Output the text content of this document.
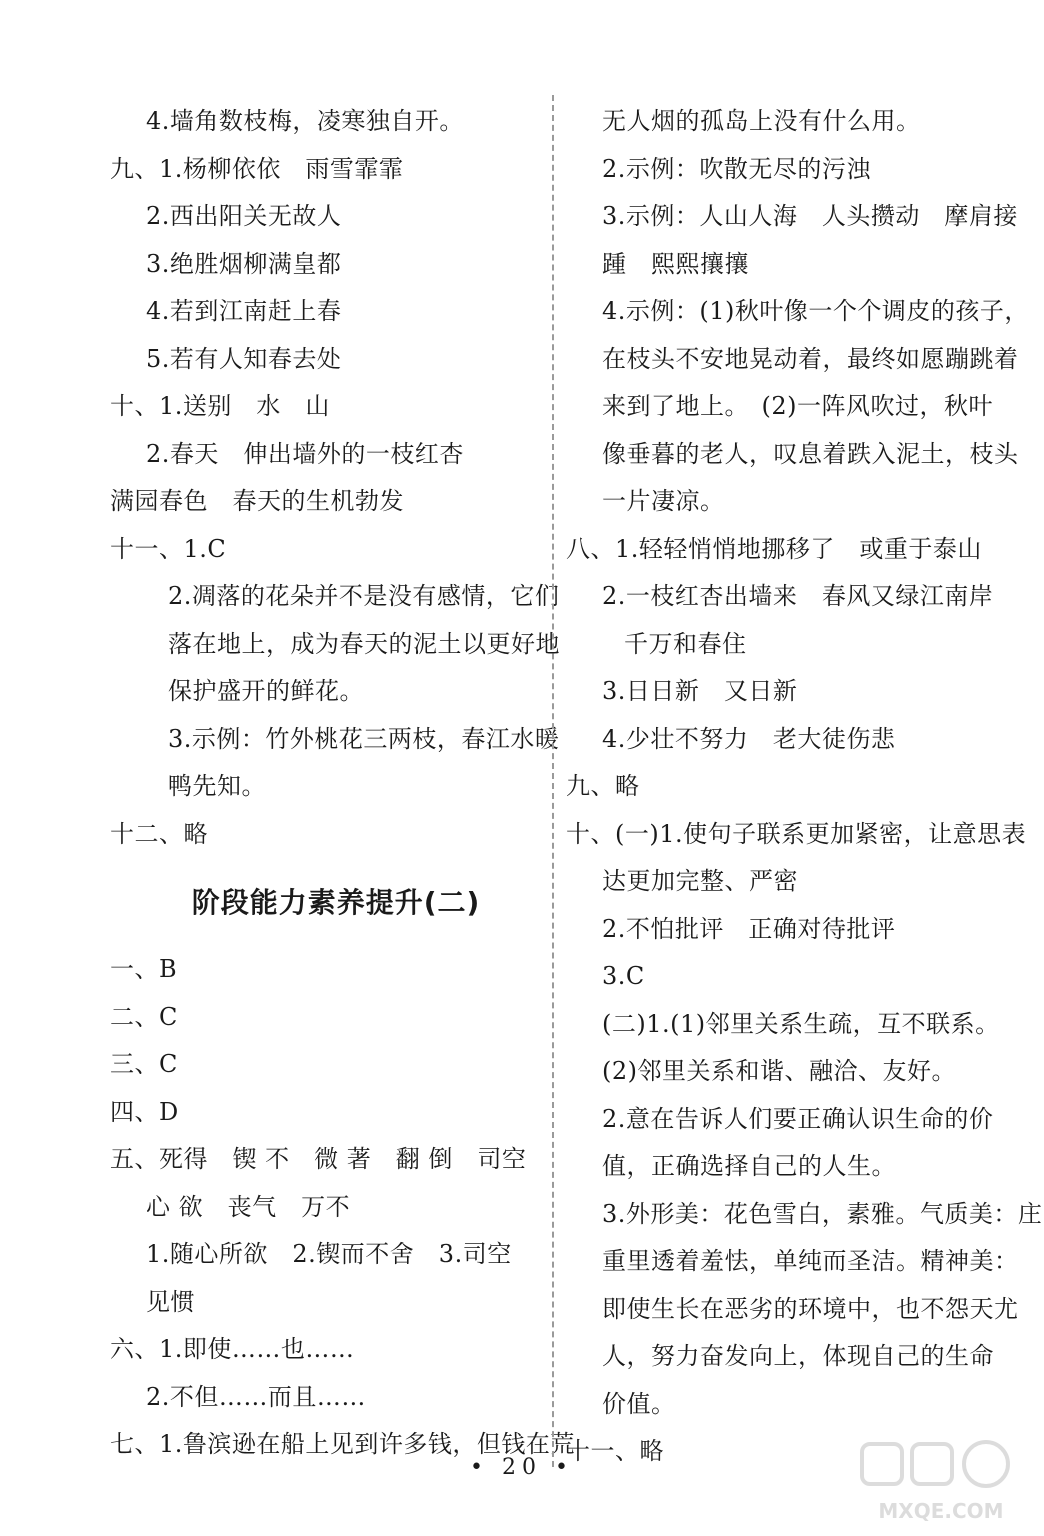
4.墙角数枝梅，凌寒独自开。
九、1.杨柳依依　雨雪霏霏
2.西出阳关无故人
3.绝胜烟柳满皇都
4.若到江南赶上春
5.若有人知春去处
十、1.送别　水　山
2.春天　伸出墙外的一枝红杏
满园春色　春天的生机勃发
十一、1.C
2.凋落的花朵并不是没有感情，它们
落在地上，成为春天的泥土以更好地
保护盛开的鲜花。
3.示例：竹外桃花三两枝，春江水暖
鸭先知。
十二、略
阶段能力素养提升(二)
一、B
二、C
三、C
四、D
五、死得　锲 不　微 著　翻 倒　司空
心 欲　丧气　万不
1.随心所欲　2.锲而不舍　3.司空
见惯
六、1.即使……也……
2.不但……而且……
七、1.鲁滨逊在船上见到许多钱，但钱在荒
无人烟的孤岛上没有什么用。
2.示例：吹散无尽的污浊
3.示例：人山人海　人头攒动　摩肩接
踵　熙熙攘攘
4.示例：(1)秋叶像一个个调皮的孩子，
在枝头不安地晃动着，最终如愿蹦跳着
来到了地上。　(2)一阵风吹过，秋叶
像垂暮的老人，叹息着跌入泥土，枝头
一片凄凉。
八、1.轻轻悄悄地挪移了　或重于泰山
2.一枝红杏出墙来　春风又绿江南岸
千万和春住
3.日日新　又日新
4.少壮不努力　老大徒伤悲
九、略
十、(一)1.使句子联系更加紧密，让意思表
达更加完整、严密
2.不怕批评　正确对待批评
3.C
(二)1.(1)邻里关系生疏，互不联系。
(2)邻里关系和谐、融洽、友好。
2.意在告诉人们要正确认识生命的价
值，正确选择自己的人生。
3.外形美：花色雪白，素雅。气质美：庄
重里透着羞怯，单纯而圣洁。精神美：
即使生长在恶劣的环境中，也不怨天尤
人，努力奋发向上，体现自己的生命
价值。
十一、略
• 20 •
MXQE.COM
